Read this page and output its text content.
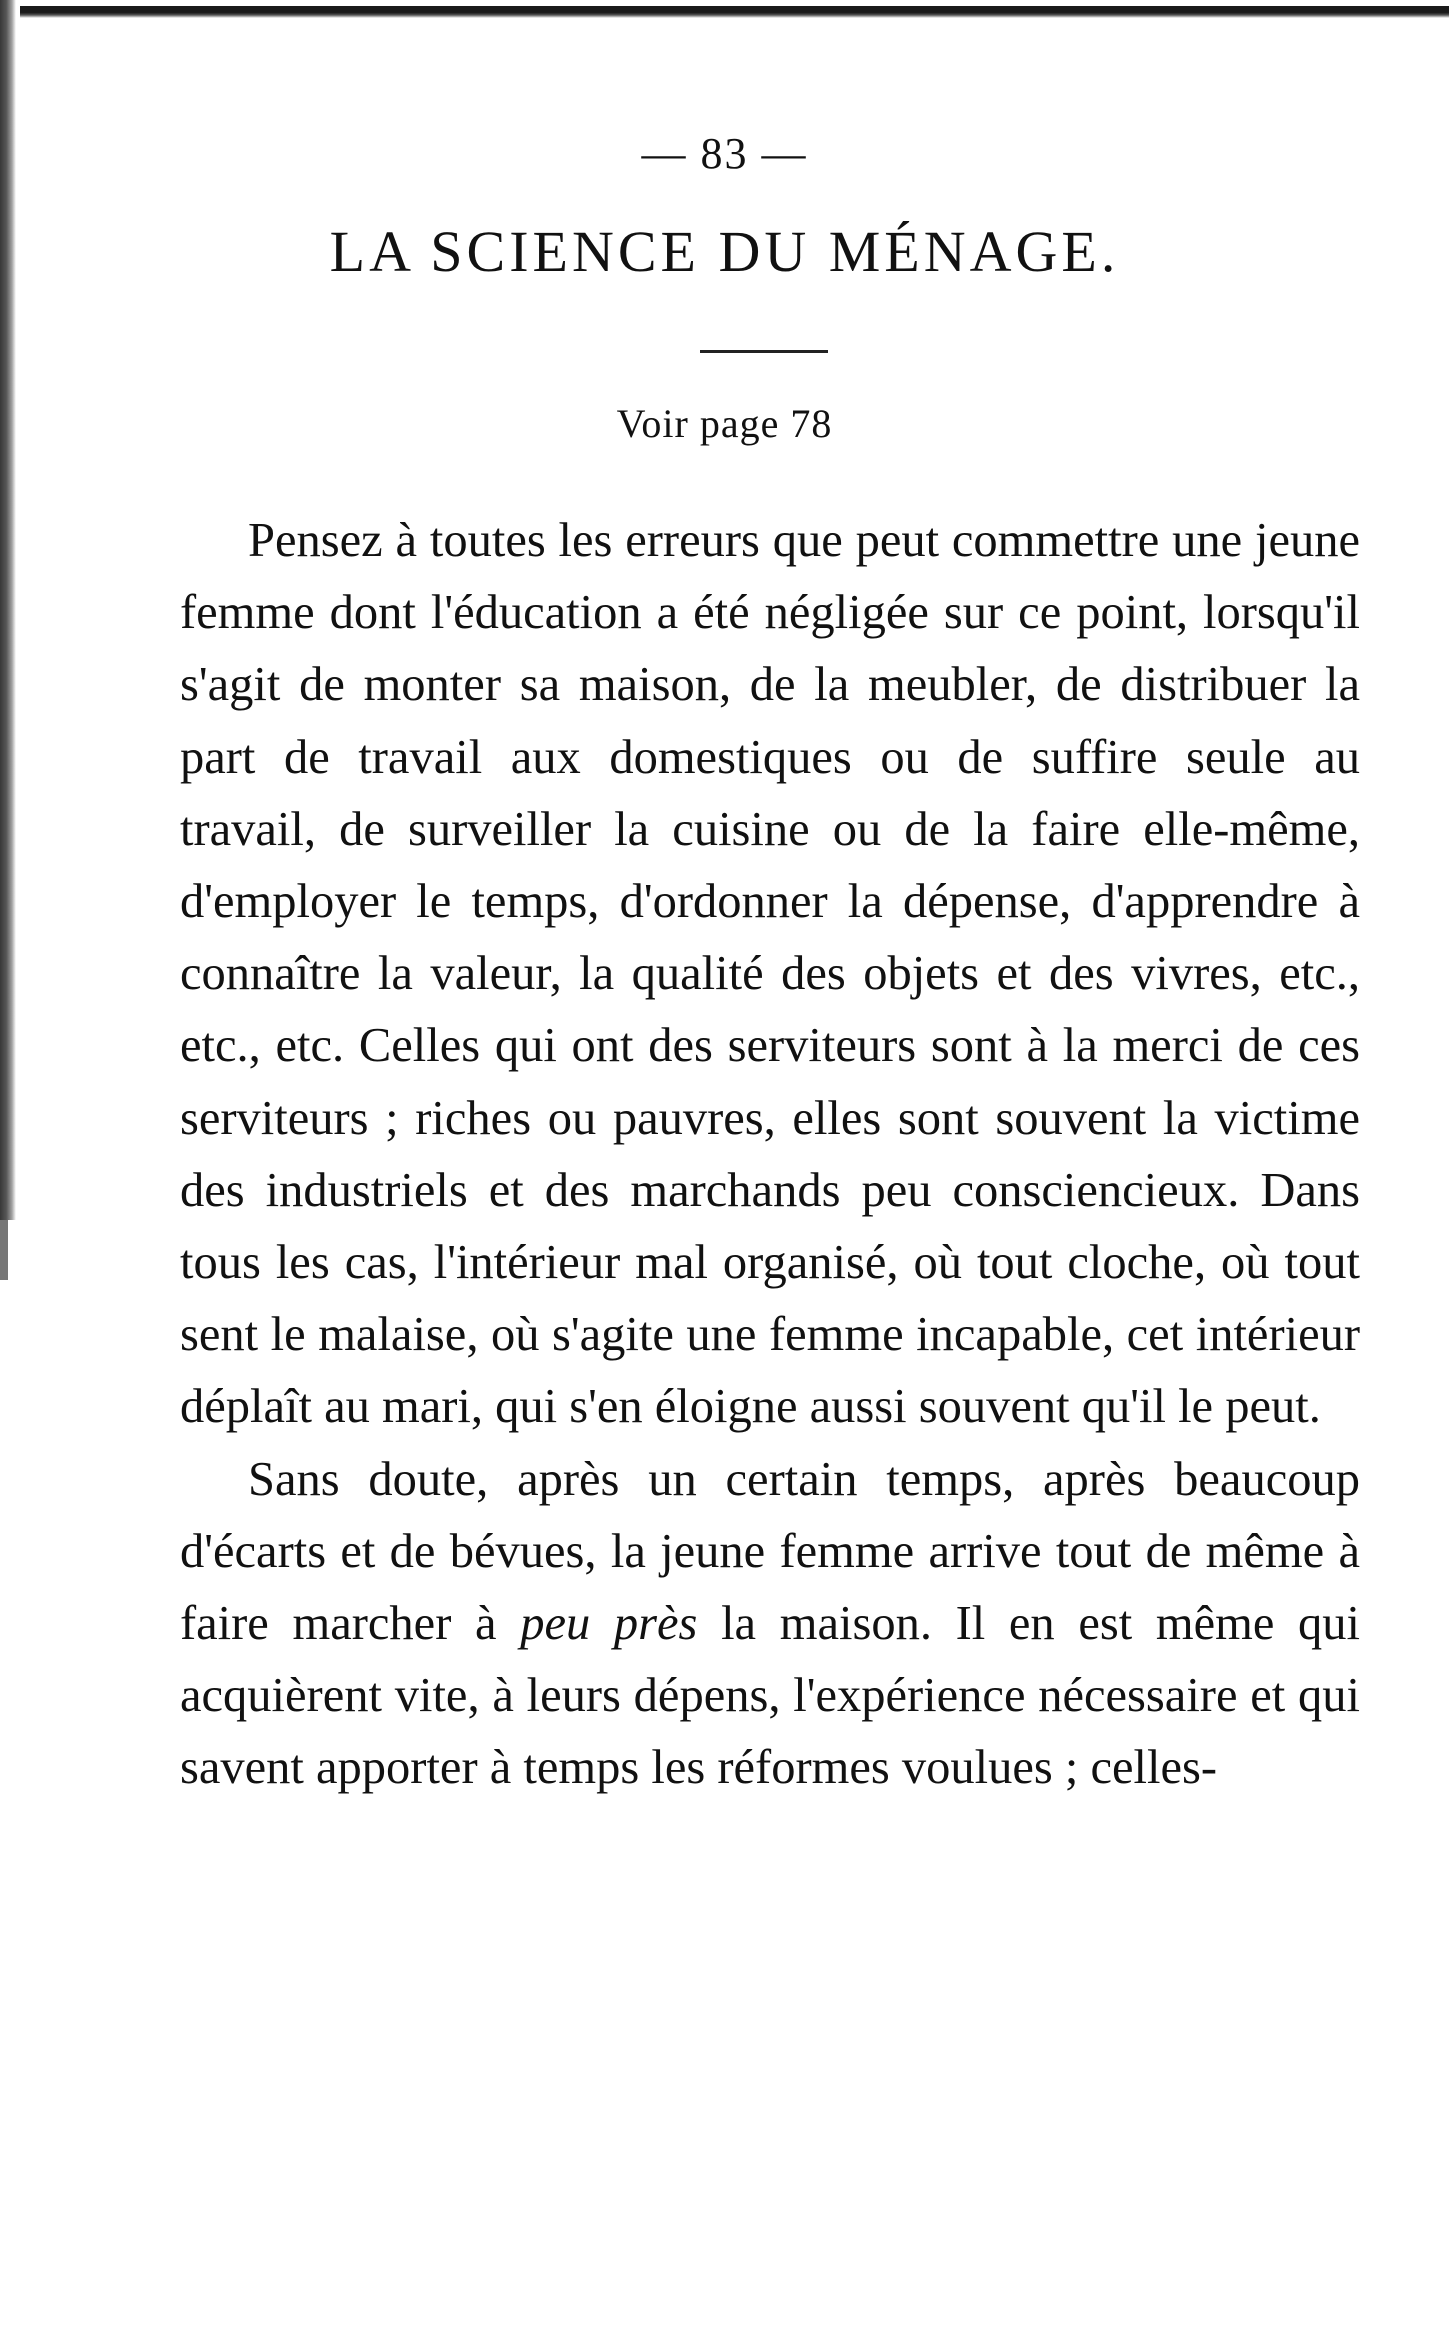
— 83 —
LA SCIENCE DU MÉNAGE.
Voir page 78

Pensez à toutes les erreurs que peut commettre une jeune femme dont l'éducation a été négligée sur ce point, lorsqu'il s'agit de monter sa maison, de la meubler, de distribuer la part de travail aux domestiques ou de suffire seule au travail, de surveiller la cuisine ou de la faire elle-même, d'employer le temps, d'ordonner la dépense, d'apprendre à connaître la valeur, la qualité des objets et des vivres, etc., etc., etc. Celles qui ont des serviteurs sont à la merci de ces serviteurs ; riches ou pauvres, elles sont souvent la victime des industriels et des marchands peu consciencieux. Dans tous les cas, l'intérieur mal organisé, où tout cloche, où tout sent le malaise, où s'agite une femme incapable, cet intérieur déplaît au mari, qui s'en éloigne aussi souvent qu'il le peut.

Sans doute, après un certain temps, après beaucoup d'écarts et de bévues, la jeune femme arrive tout de même à faire marcher à peu près la maison. Il en est même qui acquièrent vite, à leurs dépens, l'expérience nécessaire et qui savent apporter à temps les réformes voulues ; celles-
